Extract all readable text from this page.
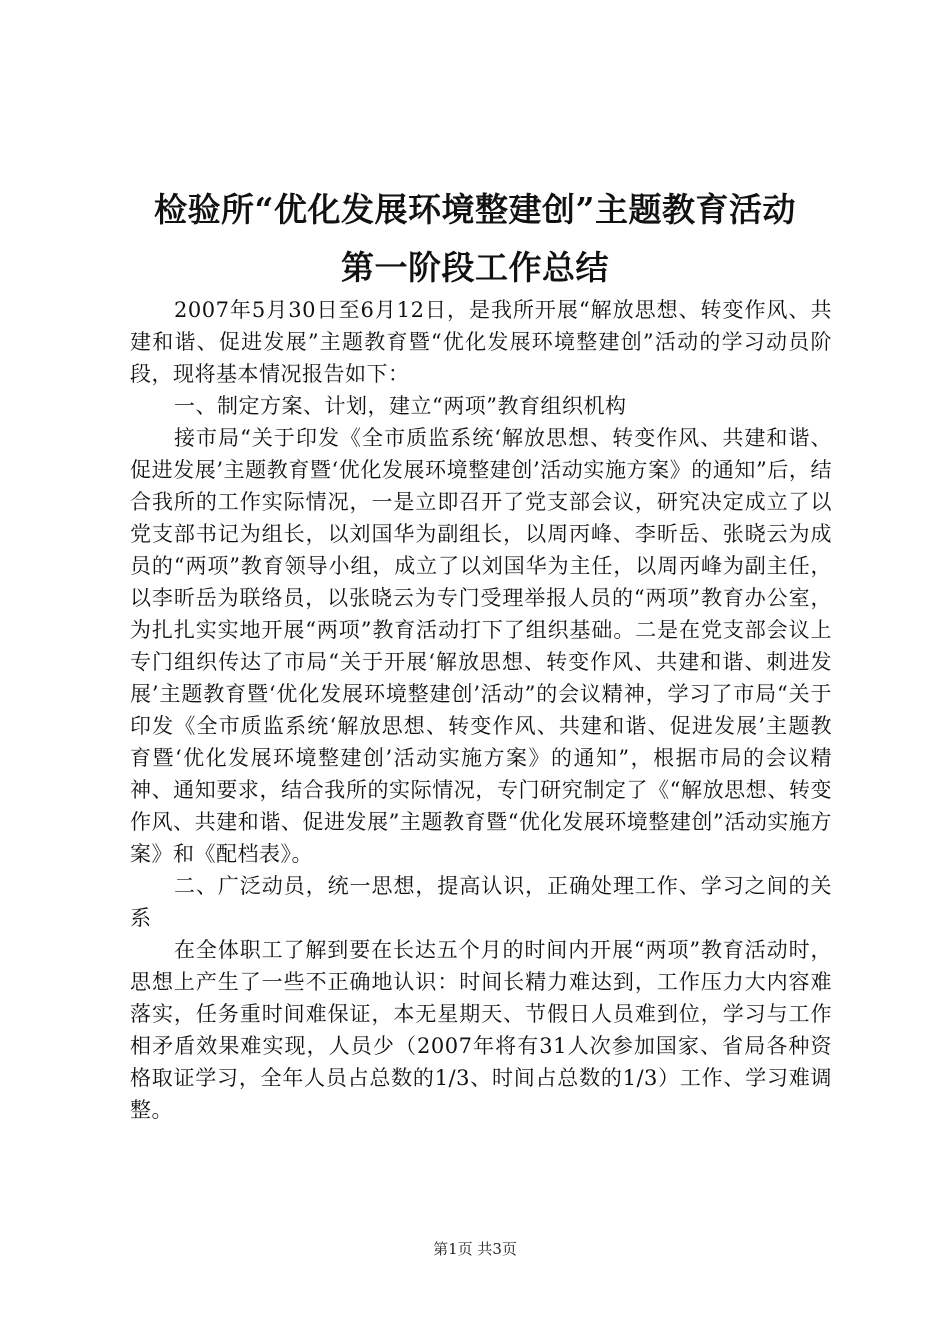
检验所“优化发展环境整建创”主题教育活动
第一阶段工作总结

2007年5月30日至6月12日，是我所开展“解放思想、转变作风、共建和谐、促进发展”主题教育暨“优化发展环境整建创”活动的学习动员阶段，现将基本情况报告如下：

一、制定方案、计划，建立“两项”教育组织机构

接市局“关于印发《全市质监系统‘解放思想、转变作风、共建和谐、促进发展’主题教育暨‘优化发展环境整建创’活动实施方案》的通知”后，结合我所的工作实际情况，一是立即召开了党支部会议，研究决定成立了以党支部书记为组长，以刘国华为副组长，以周丙峰、李昕岳、张晓云为成员的“两项”教育领导小组，成立了以刘国华为主任，以周丙峰为副主任，以李昕岳为联络员，以张晓云为专门受理举报人员的“两项”教育办公室，为扎扎实实地开展“两项”教育活动打下了组织基础。二是在党支部会议上专门组织传达了市局“关于开展‘解放思想、转变作风、共建和谐、刺进发展’主题教育暨‘优化发展环境整建创’活动”的会议精神，学习了市局“关于印发《全市质监系统‘解放思想、转变作风、共建和谐、促进发展’主题教育暨‘优化发展环境整建创’活动实施方案》的通知”，根据市局的会议精神、通知要求，结合我所的实际情况，专门研究制定了《“解放思想、转变作风、共建和谐、促进发展”主题教育暨“优化发展环境整建创”活动实施方案》和《配档表》。

二、广泛动员，统一思想，提高认识，正确处理工作、学习之间的关系

在全体职工了解到要在长达五个月的时间内开展“两项”教育活动时，思想上产生了一些不正确地认识：时间长精力难达到，工作压力大内容难落实，任务重时间难保证，本无星期天、节假日人员难到位，学习与工作相矛盾效果难实现，人员少（2007年将有31人次参加国家、省局各种资格取证学习，全年人员占总数的1/3、时间占总数的1/3）工作、学习难调整。

第1页 共3页
